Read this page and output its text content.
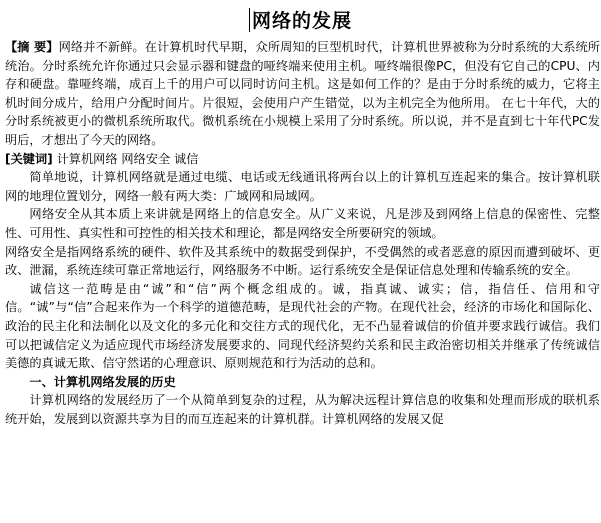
网络的发展

【摘 要】网络并不新鲜。在计算机时代早期，众所周知的巨型机时代，计算机世界被称为分时系统的大系统所统治。分时系统允许你通过只会显示器和键盘的哑终端来使用主机。哑终端很像PC，但没有它自己的CPU、内存和硬盘。靠哑终端，成百上千的用户可以同时访问主机。这是如何工作的？是由于分时系统的威力，它将主机时间分成片，给用户分配时间片。片很短，会使用户产生错觉，以为主机完全为他所用。 在七十年代，大的分时系统被更小的微机系统所取代。微机系统在小规模上采用了分时系统。所以说，并不是直到七十年代PC发明后，才想出了今天的网络。

[关键词] 计算机网络 网络安全 诚信

简单地说，计算机网络就是通过电缆、电话或无线通讯将两台以上的计算机互连起来的集合。按计算机联网的地理位置划分，网络一般有两大类：广域网和局域网。

网络安全从其本质上来讲就是网络上的信息安全。从广义来说，凡是涉及到网络上信息的保密性、完整性、可用性、真实性和可控性的相关技术和理论，都是网络安全所要研究的领域。

网络安全是指网络系统的硬件、软件及其系统中的数据受到保护，不受偶然的或者恶意的原因而遭到破坏、更改、泄漏，系统连续可靠正常地运行，网络服务不中断。运行系统安全是保证信息处理和传输系统的安全。

诚信这一范畴是由“诚”和“信”两个概念组成的。诚，指真诚、诚实；信，指信任、信用和守信。“诚”与“信”合起来作为一个科学的道德范畴，是现代社会的产物。在现代社会，经济的市场化和国际化、政治的民主化和法制化以及文化的多元化和交往方式的现代化，无不凸显着诚信的价值并要求践行诚信。我们可以把诚信定义为适应现代市场经济发展要求的、同现代经济契约关系和民主政治密切相关并继承了传统诚信美德的真诚无欺、信守然诺的心理意识、原则规范和行为活动的总和。

一、计算机网络发展的历史

计算机网络的发展经历了一个从简单到复杂的过程，从为解决远程计算信息的收集和处理而形成的联机系统开始，发展到以资源共享为目的而互连起来的计算机群。计算机网络的发展又促
